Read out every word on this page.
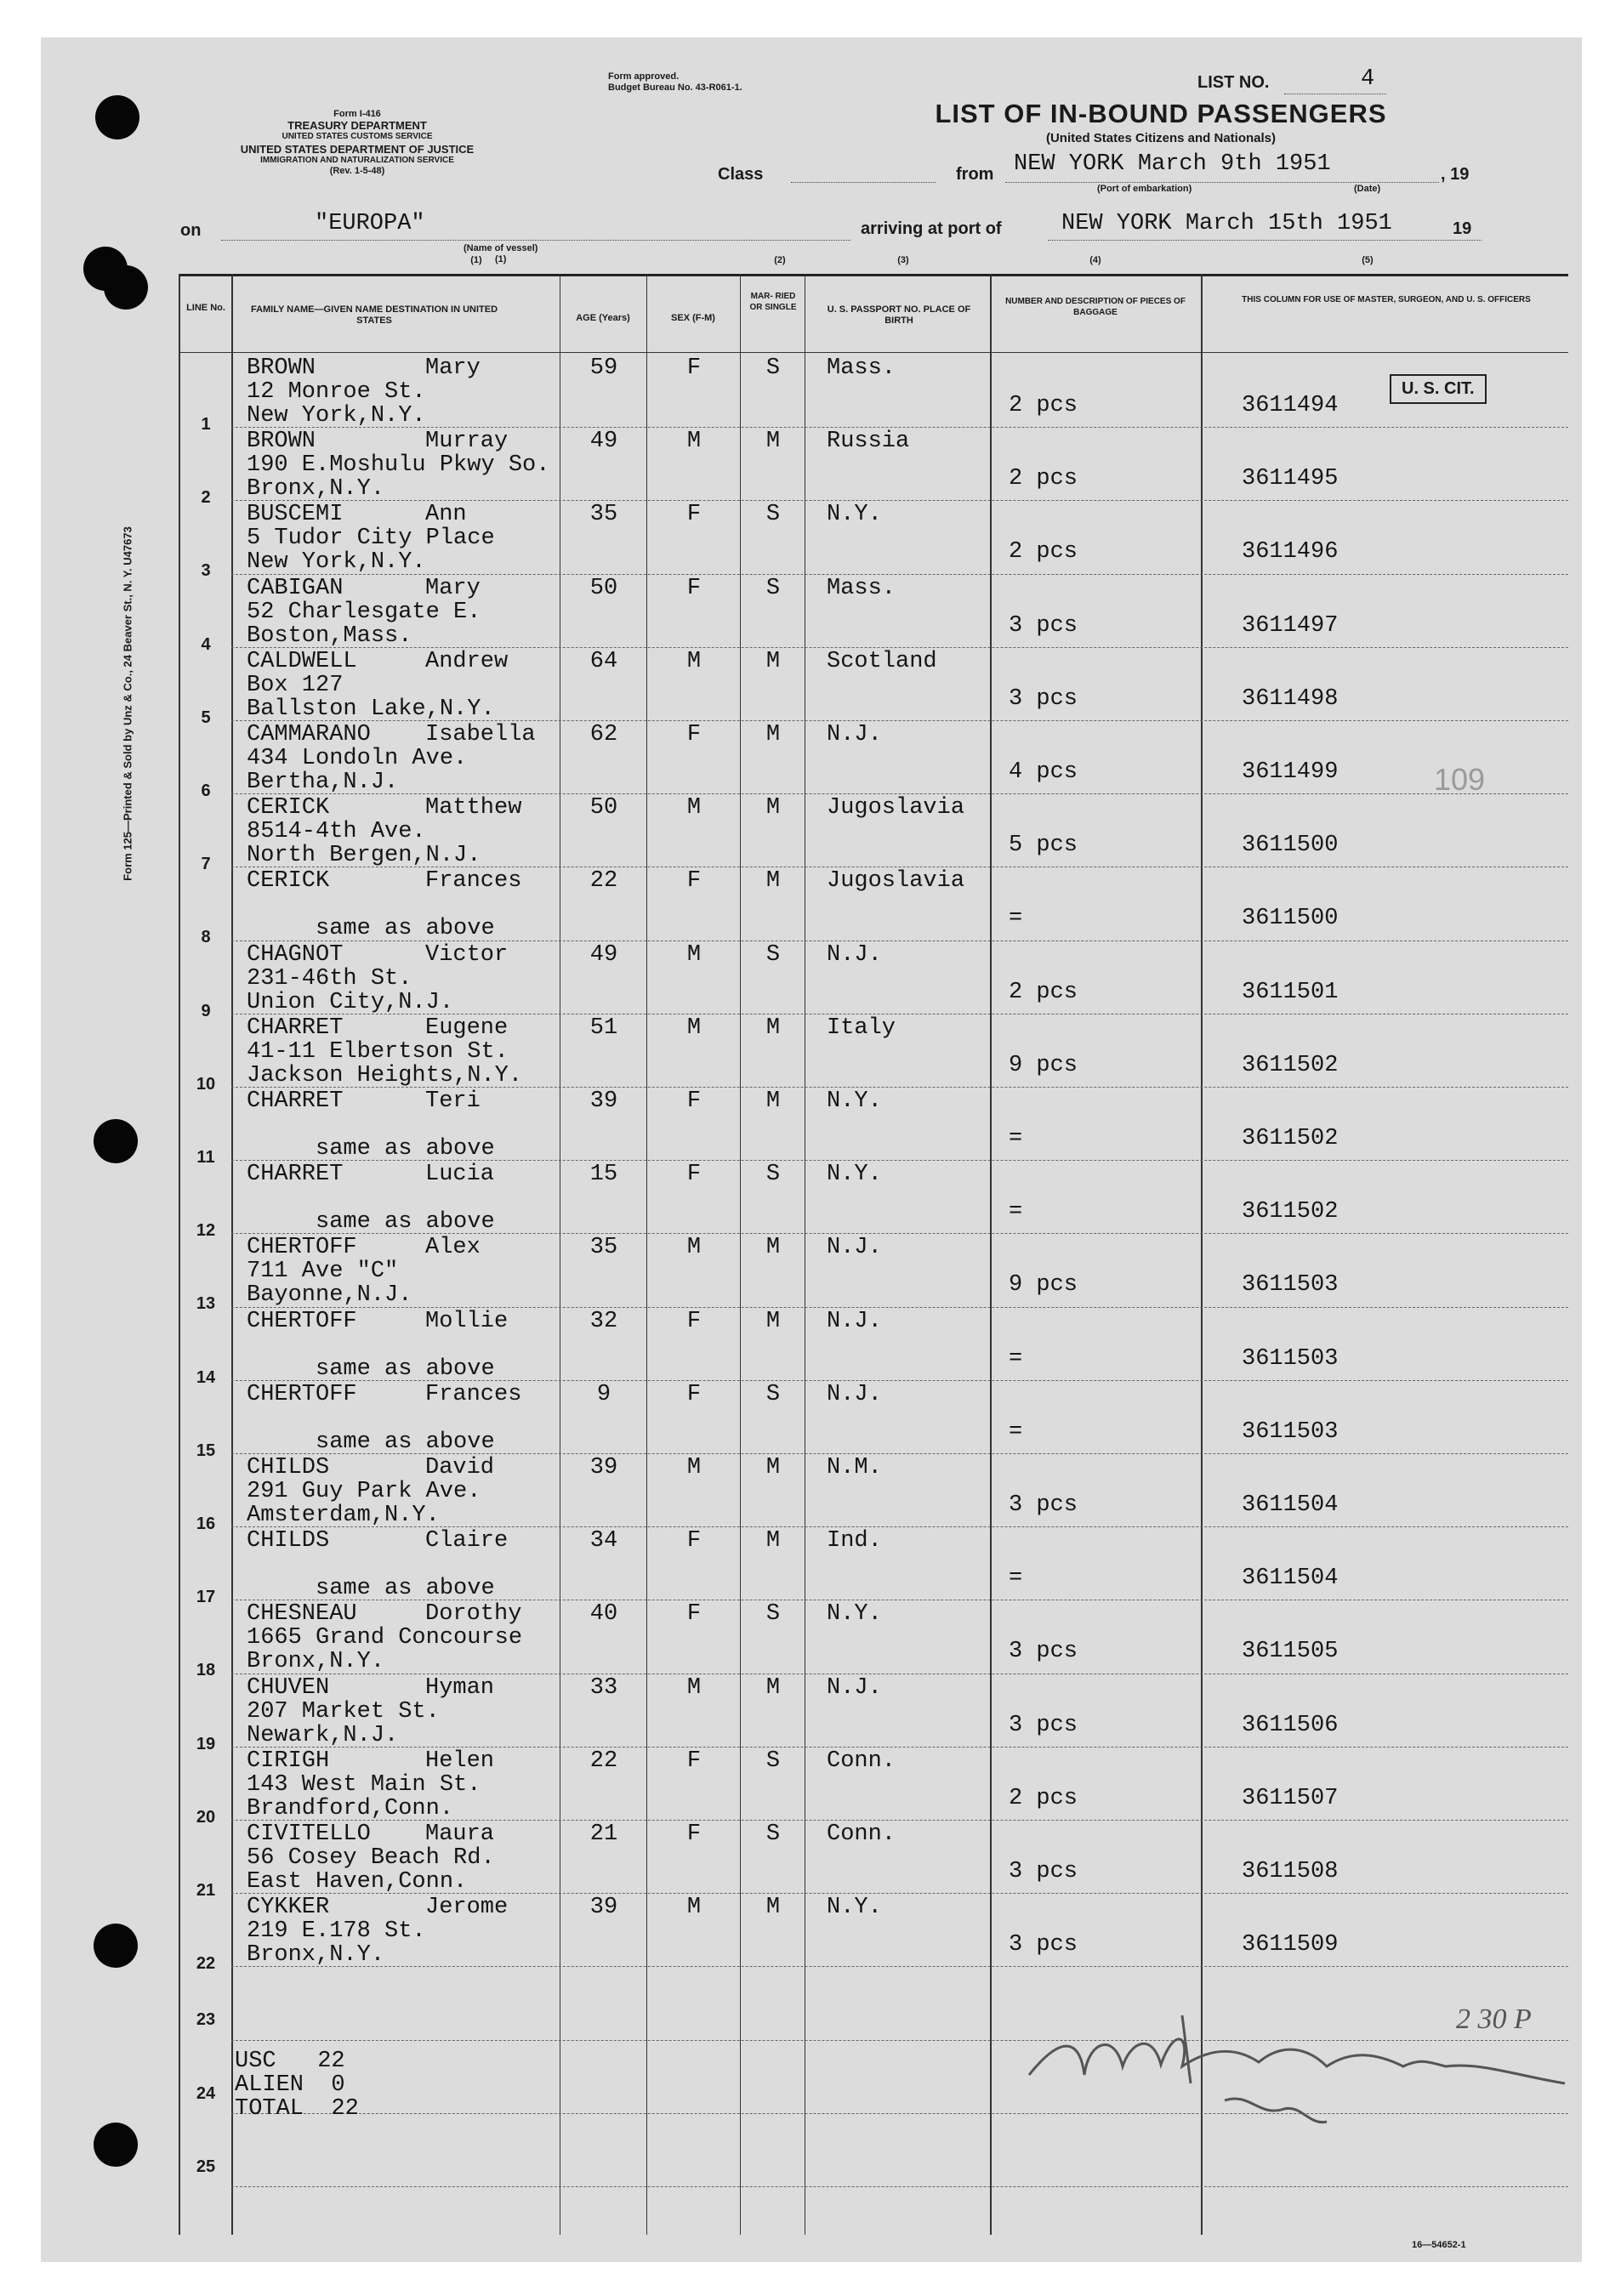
Form 125—Printed & Sold by Unz & Co., 24 Beaver St., N. Y. U47673
Form I-416
TREASURY DEPARTMENT
UNITED STATES CUSTOMS SERVICE
UNITED STATES DEPARTMENT OF JUSTICE
IMMIGRATION AND NATURALIZATION SERVICE
(Rev. 1-5-48)
Form approved.
Budget Bureau No. 43-R061-1.	LIST NO.	4
LIST OF IN-BOUND PASSENGERS
(United States Citizens and Nationals)
Class	from NEW YORK March 9th 1951
(Port of embarkation)	(Date)
, 19
on	"EUROPA"
(Name of vessel)
(1)
arriving at port of	NEW YORK March 15th 1951	19
(1)	(2)	(3)	(4)	(5)
LINE No.	FAMILY NAME—GIVEN NAME DESTINATION IN UNITED STATES	AGE (Years)	SEX (F-M)
MAR- RIED OR SINGLE	U. S. PASSPORT NO. PLACE OF BIRTH
NUMBER AND DESCRIPTION OF PIECES OF BAGGAGE
THIS COLUMN FOR USE OF MASTER, SURGEON, AND U. S. OFFICERS
BROWN	Mary
12 Monroe St.
New York,N.Y.
59	F	S	Mass.
2 pcs	3611494
1
BROWN	Murray
190 E.Moshulu Pkwy So.
Bronx,N.Y.
49	M	M	Russia
2 pcs	3611495
2
BUSCEMI	Ann
5 Tudor City Place
New York,N.Y.
35	F	S	N.Y.
2 pcs	3611496
3
CABIGAN	Mary
52 Charlesgate E.
Boston,Mass.
50	F	S	Mass.
3 pcs	3611497
4
CALDWELL	Andrew
Box 127
Ballston Lake,N.Y.
64	M	M	Scotland
3 pcs	3611498
5
CAMMARANO Isabella
434 Londoln Ave.
Bertha,N.J.
62	F	M	N.J.
4 pcs	3611499
6
CERICK	Matthew
8514-4th Ave.
North Bergen,N.J.
50	M	M	Jugoslavia
5 pcs	3611500
7
CERICK	Frances
same as above
22	F	M	Jugoslavia
=	3611500
8
CHAGNOT	Victor
231-46th St.
Union City,N.J.
49	M	S	N.J.
2 pcs	3611501
9
CHARRET	Eugene
41-11 Elbertson St.
Jackson Heights,N.Y.
51	M	M	Italy
9 pcs	3611502
10
CHARRET	Teri
same as above
39	F	M	N.Y.
=	3611502
11
CHARRET	Lucia
same as above
15	F	S	N.Y.
=	3611502
12
CHERTOFF	Alex
711 Ave "C"
Bayonne,N.J.
35	M	M	N.J.
9 pcs	3611503
13
CHERTOFF	Mollie
same as above
32	F	M	N.J.
=	3611503
14
CHERTOFF	Frances
same as above
9	F	S	N.J.
=	3611503
15
CHILDS	David
291 Guy Park Ave.
Amsterdam,N.Y.
39	M	M	N.M.
3 pcs	3611504
16
CHILDS	Claire
same as above
34	F	M	Ind.
=	3611504
17
CHESNEAU	Dorothy
1665 Grand Concourse
Bronx,N.Y.
40	F	S	N.Y.
3 pcs	3611505
18
CHUVEN	Hyman
207 Market St.
Newark,N.J.
33	M	M	N.J.
3 pcs	3611506
19
CIRIGH	Helen
143 West Main St.
Brandford,Conn.
22	F	S	Conn.
2 pcs	3611507
20
CIVITELLO Maura
56 Cosey Beach Rd.
East Haven,Conn.
21	F	S	Conn.
3 pcs	3611508
21
CYKKER	Jerome
219 E.178 St.
Bronx,N.Y.
39	M	M	N.Y.
3 pcs	3611509
22
23
24
25
USC 22
ALIEN 0
TOTAL 22
U. S. CIT.
109
2 30 P
16—54652-1
